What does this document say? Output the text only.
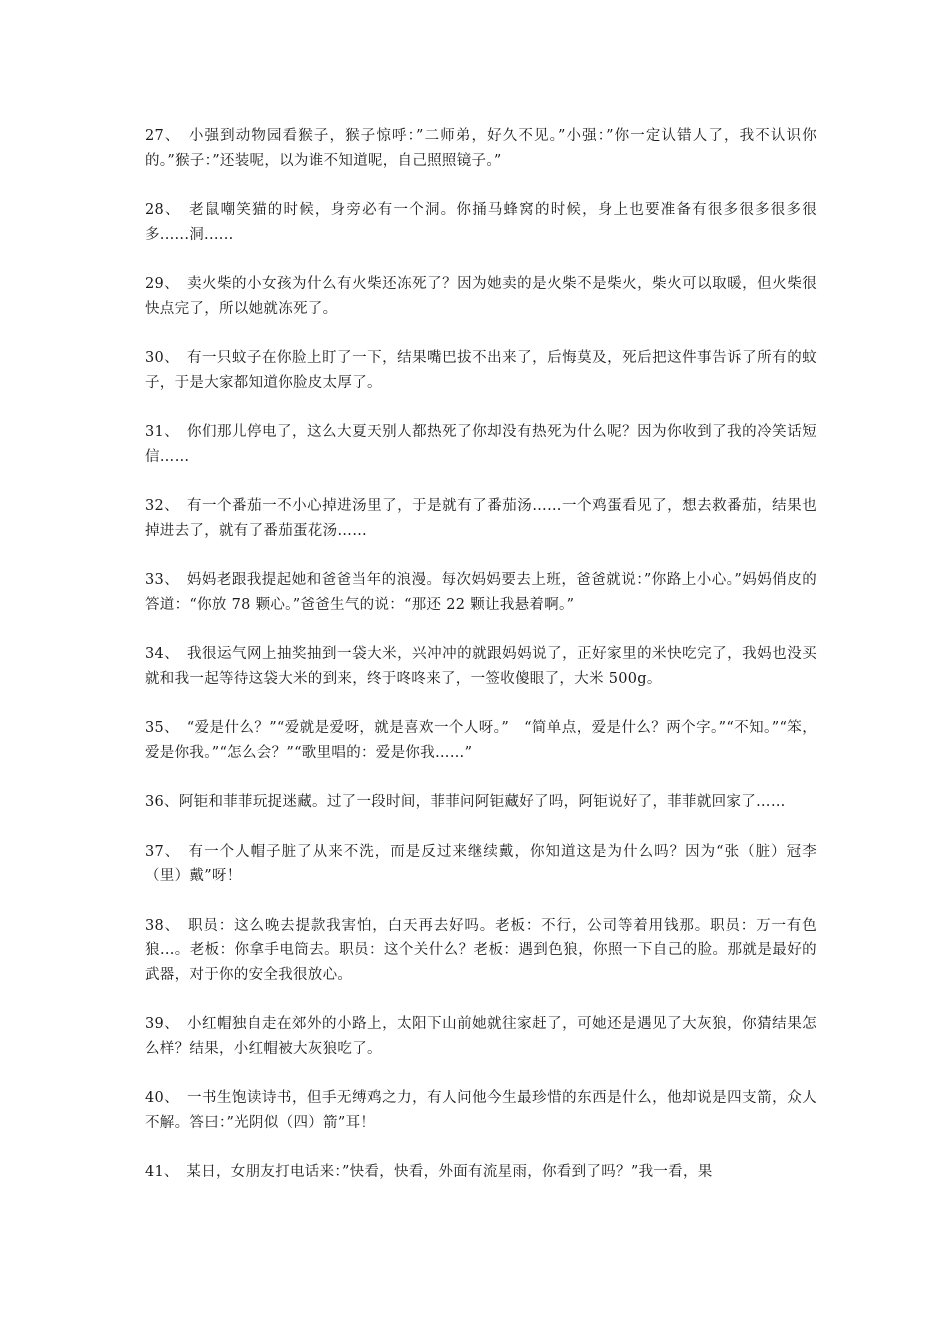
27、　小强到动物园看猴子，猴子惊呼：”二师弟，好久不见。”小强：”你一定认错人了，我不认识你的。”猴子：”还装呢，以为谁不知道呢，自己照照镜子。”

28、　老鼠嘲笑猫的时候，身旁必有一个洞。你捅马蜂窝的时候，身上也要准备有很多很多很多很多......洞......

29、　卖火柴的小女孩为什么有火柴还冻死了？因为她卖的是火柴不是柴火，柴火可以取暖，但火柴很快点完了，所以她就冻死了。

30、　有一只蚊子在你脸上盯了一下，结果嘴巴拔不出来了，后悔莫及，死后把这件事告诉了所有的蚊子，于是大家都知道你脸皮太厚了。

31、　你们那儿停电了，这么大夏天别人都热死了你却没有热死为什么呢？因为你收到了我的冷笑话短信……

32、　有一个番茄一不小心掉进汤里了，于是就有了番茄汤……一个鸡蛋看见了，想去救番茄，结果也掉进去了，就有了番茄蛋花汤……

33、　妈妈老跟我提起她和爸爸当年的浪漫。每次妈妈要去上班，爸爸就说：”你路上小心。”妈妈俏皮的答道：“你放 78 颗心。”爸爸生气的说：“那还 22 颗让我悬着啊。”

34、　我很运气网上抽奖抽到一袋大米，兴冲冲的就跟妈妈说了，正好家里的米快吃完了，我妈也没买就和我一起等待这袋大米的到来，终于咚咚来了，一签收傻眼了，大米 500g。

35、　“爱是什么？”“爱就是爱呀，就是喜欢一个人呀。”　“简单点，爱是什么？两个字。”“不知。”“笨，爱是你我。”“怎么会？”“歌里唱的：爱是你我……”

36、阿钜和菲菲玩捉迷藏。过了一段时间，菲菲问阿钜藏好了吗，阿钜说好了，菲菲就回家了……

37、　有一个人帽子脏了从来不洗，而是反过来继续戴，你知道这是为什么吗？因为“张（脏）冠李（里）戴”呀！

38、　职员：这么晚去提款我害怕，白天再去好吗。老板：不行，公司等着用钱那。职员：万一有色狼...。老板：你拿手电筒去。职员：这个关什么？老板：遇到色狼，你照一下自己的脸。那就是最好的武器，对于你的安全我很放心。

39、　小红帽独自走在郊外的小路上，太阳下山前她就往家赶了，可她还是遇见了大灰狼，你猜结果怎么样？结果，小红帽被大灰狼吃了。

40、　一书生饱读诗书，但手无缚鸡之力，有人问他今生最珍惜的东西是什么，他却说是四支箭，众人不解。答曰：”光阴似（四）箭”耳！

41、　某日，女朋友打电话来：”快看，快看，外面有流星雨，你看到了吗？”我一看，果
